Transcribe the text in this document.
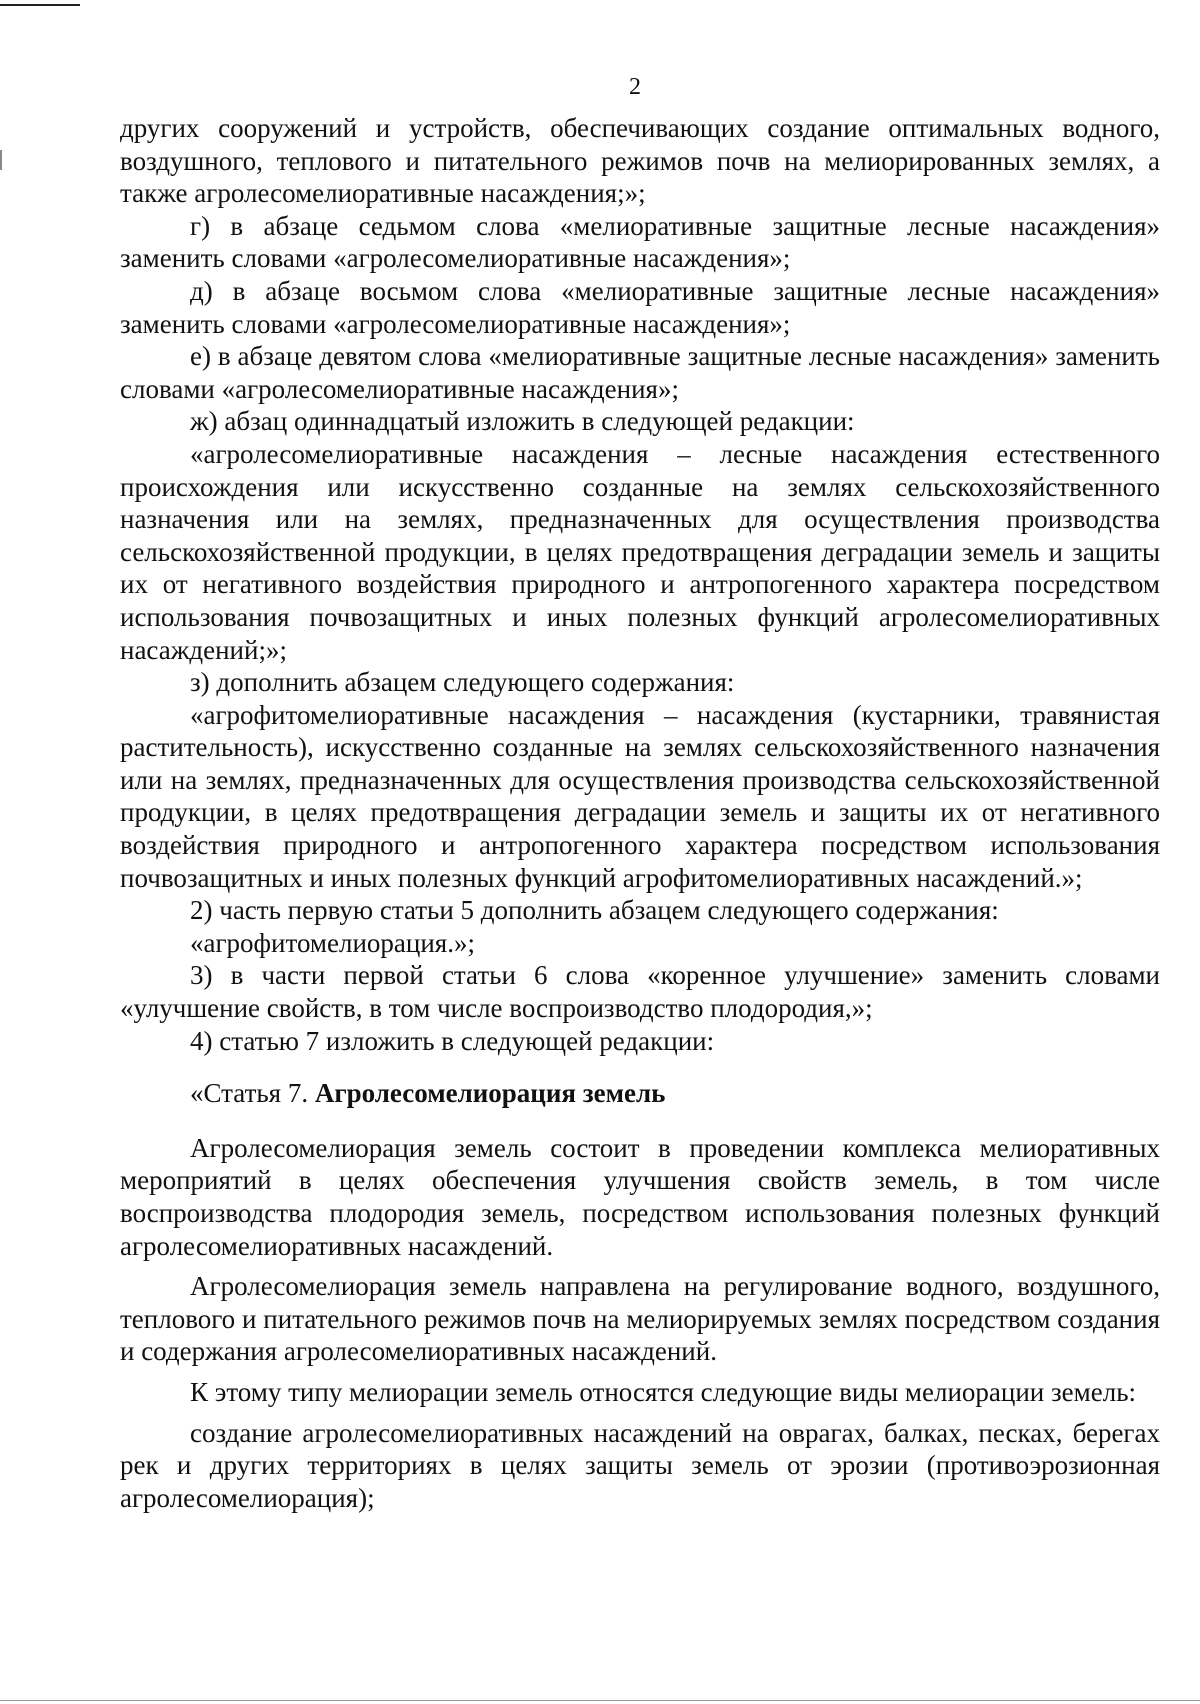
2

других сооружений и устройств, обеспечивающих создание оптимальных водного, воздушного, теплового и питательного режимов почв на мелиорированных землях, а также агролесомелиоративные насаждения;»;

г) в абзаце седьмом слова «мелиоративные защитные лесные насаждения» заменить словами «агролесомелиоративные насаждения»;

д) в абзаце восьмом слова «мелиоративные защитные лесные насаждения» заменить словами «агролесомелиоративные насаждения»;

е) в абзаце девятом слова «мелиоративные защитные лесные насаждения» заменить словами «агролесомелиоративные насаждения»;

ж) абзац одиннадцатый изложить в следующей редакции:

«агролесомелиоративные насаждения – лесные насаждения естественного происхождения или искусственно созданные на землях сельскохозяйственного назначения или на землях, предназначенных для осуществления производства сельскохозяйственной продукции, в целях предотвращения деградации земель и защиты их от негативного воздействия природного и антропогенного характера посредством использования почвозащитных и иных полезных функций агролесомелиоративных насаждений;»;

з) дополнить абзацем следующего содержания:

«агрофитомелиоративные насаждения – насаждения (кустарники, травянистая растительность), искусственно созданные на землях сельскохозяйственного назначения или на землях, предназначенных для осуществления производства сельскохозяйственной продукции, в целях предотвращения деградации земель и защиты их от негативного воздействия природного и антропогенного характера посредством использования почвозащитных и иных полезных функций агрофитомелиоративных насаждений.»;

2) часть первую статьи 5 дополнить абзацем следующего содержания:

«агрофитомелиорация.»;

3) в части первой статьи 6 слова «коренное улучшение» заменить словами «улучшение свойств, в том числе воспроизводство плодородия,»;

4) статью 7 изложить в следующей редакции:

«Статья 7. Агролесомелиорация земель

Агролесомелиорация земель состоит в проведении комплекса мелиоративных мероприятий в целях обеспечения улучшения свойств земель, в том числе воспроизводства плодородия земель, посредством использования полезных функций агролесомелиоративных насаждений.

Агролесомелиорация земель направлена на регулирование водного, воздушного, теплового и питательного режимов почв на мелиорируемых землях посредством создания и содержания агролесомелиоративных насаждений.

К этому типу мелиорации земель относятся следующие виды мелиорации земель:

создание агролесомелиоративных насаждений на оврагах, балках, песках, берегах рек и других территориях в целях защиты земель от эрозии (противоэрозионная агролесомелиорация);
